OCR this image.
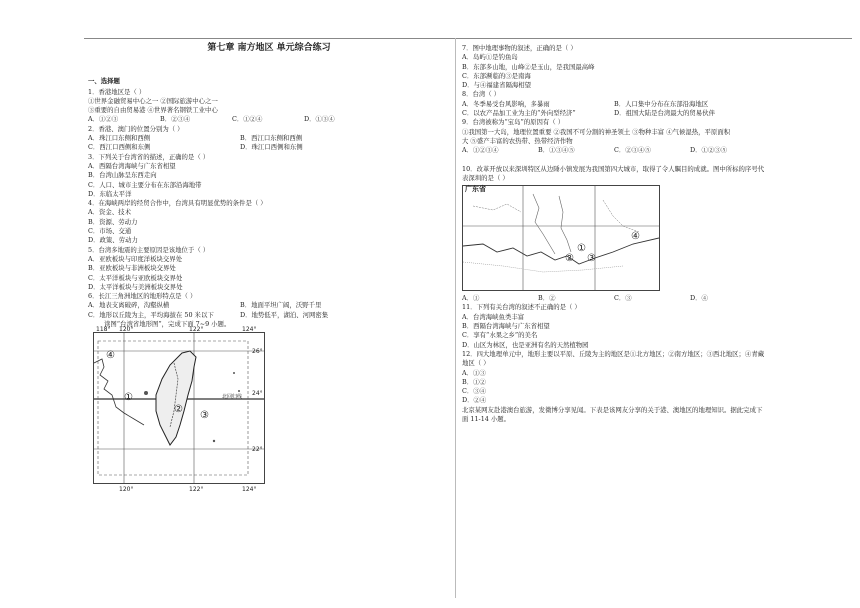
第七章 南方地区 单元综合练习
一、选择题
1．香港地区是（ ）
①世界金融贸易中心之一 ②国际旅游中心之一
③重要的自由贸易港 ④世界著名钢铁工业中心
A．①②③	B．②③④	C．①②④	D．①③④
2．香港、澳门的位置分别为（ ）
A．珠江口东侧和西侧	B．西江口东侧和西侧
C．西江口西侧和东侧	D．珠江口西侧和东侧
3．下列关于台湾省的描述，正确的是（ ）
A．西隔台湾海峡与广东省相望
B．台湾山脉呈东西走向
C．人口、城市主要分布在东部沿海地带
D．东临太平洋
4．在海峡两岸的经贸合作中，台湾具有明显优势的条件是（ ）
A．资金、技术
B．资源、劳动力
C．市场、交通
D．政策、劳动力
5．台湾多地震的主要原因是该地位于（ ）
A．亚欧板块与印度洋板块交界处
B．亚欧板块与非洲板块交界处
C．太平洋板块与亚欧板块交界处
D．太平洋板块与美洲板块交界处
6．长江三角洲地区的地形特点是（ ）
A．地表支离破碎，沟壑纵横	B．地面平坦广阔，沃野千里
C．地形以丘陵为主，平均海拔在 50 米以下	D．地势低平，湖泊、河网密集
读图“台湾省地形图”，完成下面 7~9 小题。
118° 120°	122°	124°
120°	122°	124°
26°
24°
22°
北回归线
④
①
②
③
7．图中地理事物的叙述，正确的是（ ）
A．岛屿①是钓鱼岛
B．东部多山地，山峰②是玉山，是我国最高峰
C．东部濒临的③是南海
D．与④福建省隔海相望
8．台湾（ ）
A．冬季易受台风影响，多暴雨	B．人口集中分布在东部沿海地区
C．以农产品加工业为主的“外向型经济”	D．祖国大陆是台湾最大的贸易伙伴
9．台湾被称为“宝岛”的原因有（ ）
①我国第一大岛，地理位置重要 ②我国不可分割的神圣领土 ③物种丰富 ④气候湿热，平原面积
大 ⑤盛产丰富的农热带、热带经济作物
A．①②③④	B．①③④⑤	C．②③④⑤	D．①②③⑤
10．改革开放以来深圳特区从边陲小镇发展为我国第四大城市，取得了令人瞩目的成就。图中所标的序号代
表深圳的是（ ）
广东省
①
② ③
④
A．①	B．②	C．③	D．④
11．下列有关台湾的叙述不正确的是（ ）
A．台湾海峡鱼类丰富
B．西隔台湾海峡与广东省相望
C．享有“水果之乡”的美名
D．山区为林区，也是亚洲有名的天然植物园
12．四大地理单元中，地形主要以平原、丘陵为主的地区是①北方地区；②南方地区；③西北地区；④青藏
地区（ ）
A．①③
B．①②
C．③④
D．②④
北京某网友赴港澳台旅游，发微博分享见闻。下表是该网友分享的关于港、澳地区的地理知识。据此完成下
面 11-14 小题。
